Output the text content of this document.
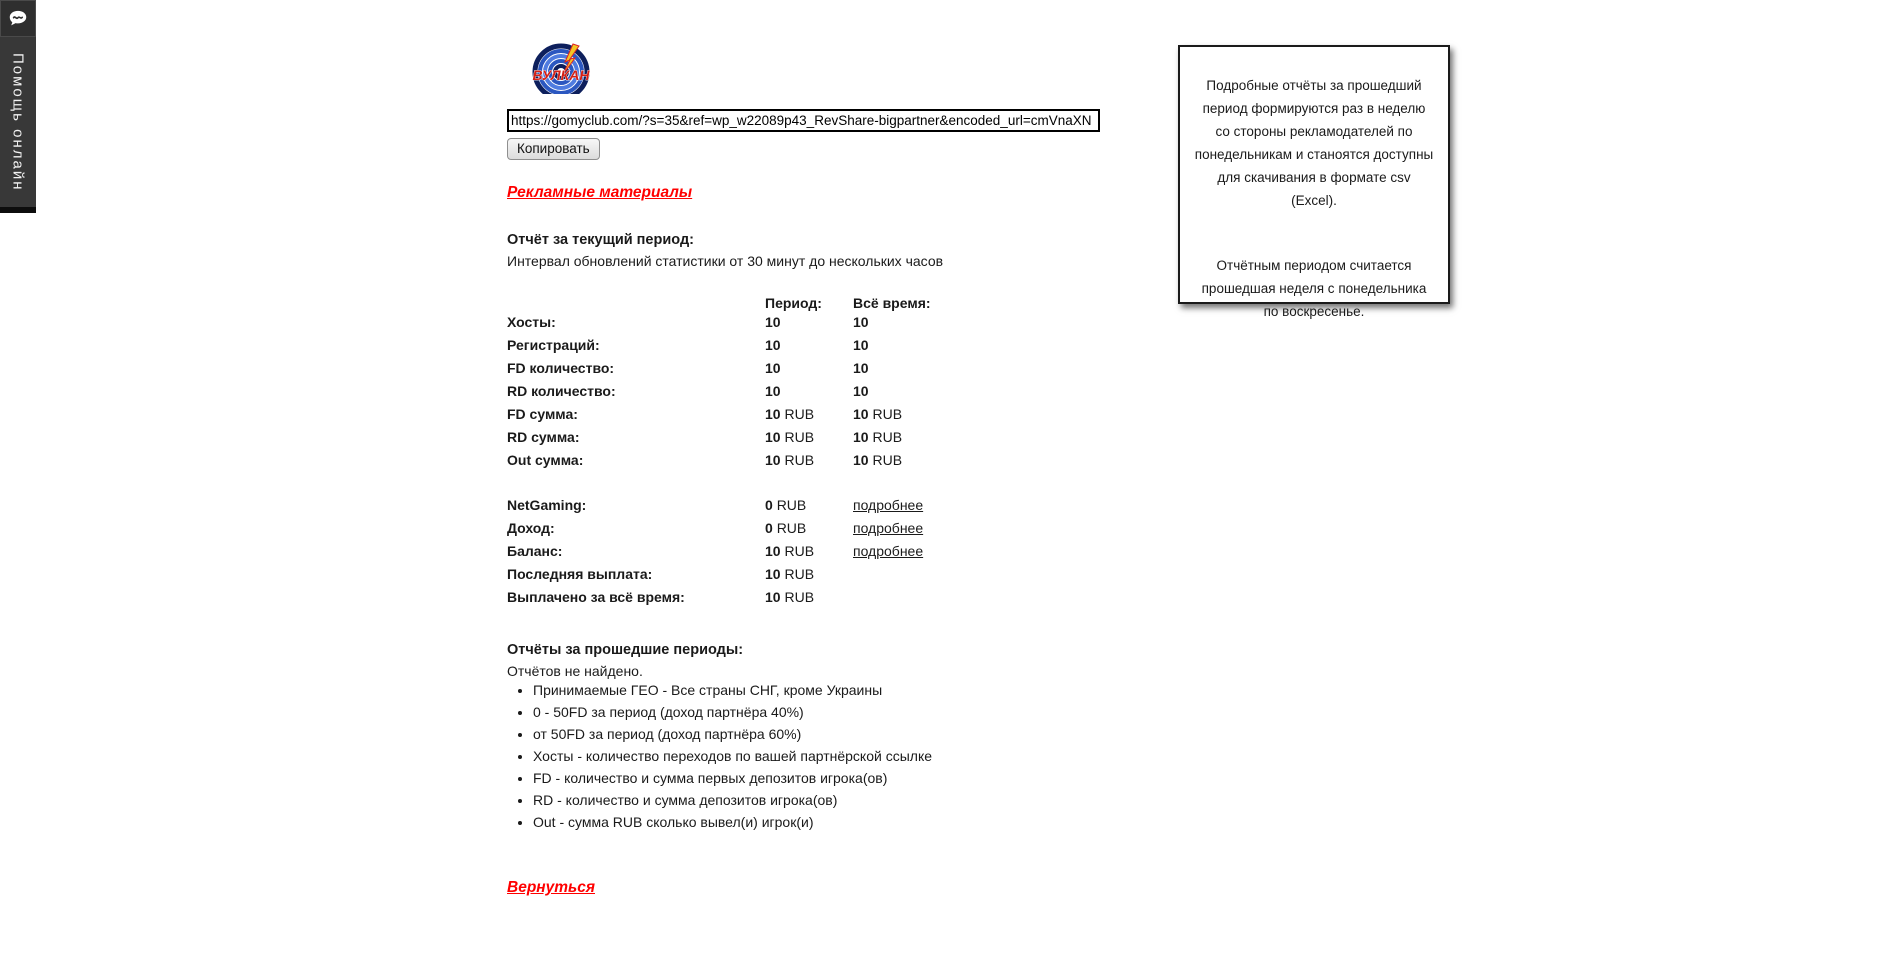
Помощь онлайн	ВУЛКАН
https://gomyclub.com/?s=35&ref=wp_w22089p43_RevShare-bigpartner&encoded_url=cmVnaXN Копировать
Рекламные материалы
Отчёт за текущий период:
Интервал обновлений статистики от 30 минут до нескольких часов
Период:	Всё время:
Хосты:	10	10
Регистраций:	10	10
FD количество:	10	10
RD количество:	10	10
FD сумма:	10 RUB	10 RUB
RD сумма:	10 RUB	10 RUB
Out сумма:	10 RUB	10 RUB
NetGaming:	0 RUB	подробнее
Доход:	0 RUB	подробнее
Баланс:	10 RUB	подробнее
Последняя выплата:	10 RUB
Выплачено за всё время:	10 RUB
Отчёты за прошедшие периоды:
Отчётов не найдено.
• Принимаемые ГЕО - Все страны СНГ, кроме Украины
• 0 - 50FD за период (доход партнёра 40%)
• от 50FD за период (доход партнёра 60%)
• Хосты - количество переходов по вашей партнёрской ссылке
• FD - количество и сумма первых депозитов игрока(ов)
• RD - количество и сумма депозитов игрока(ов)
• Out - сумма RUB сколько вывел(и) игрок(и)
Вернуться

Подробные отчёты за прошедший период формируются раз в неделю со стороны рекламодателей по понедельникам и станоятся доступны для скачивания в формате csv (Excel).

Отчётным периодом считается прошедшая неделя с понедельника по воскресенье.
